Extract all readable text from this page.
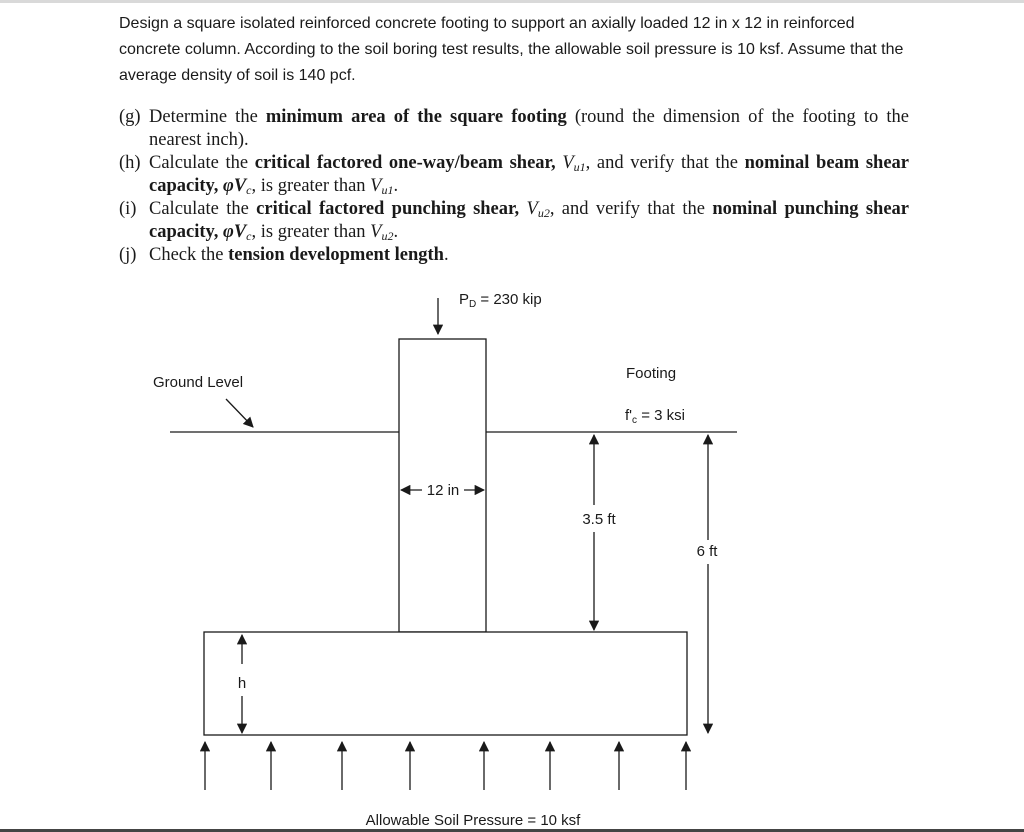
Design a square isolated reinforced concrete footing to support an axially loaded 12 in x 12 in reinforced concrete column. According to the soil boring test results, the allowable soil pressure is 10 ksf. Assume that the average density of soil is 140 pcf.

(g) Determine the minimum area of the square footing (round the dimension of the footing to the nearest inch).
(h) Calculate the critical factored one-way/beam shear, $V_{u1}$, and verify that the nominal beam shear capacity, $\varphi V_c$, is greater than $V_{u1}$.
(i) Calculate the critical factored punching shear, $V_{u2}$, and verify that the nominal punching shear capacity, $\varphi V_c$, is greater than $V_{u2}$.
(j) Check the tension development length.
$P_D = 230$ kip
Ground Level
Footing
$f'_c = 3$ ksi
12 in
3.5 ft
6 ft
h
Allowable Soil Pressure = 10 ksf
